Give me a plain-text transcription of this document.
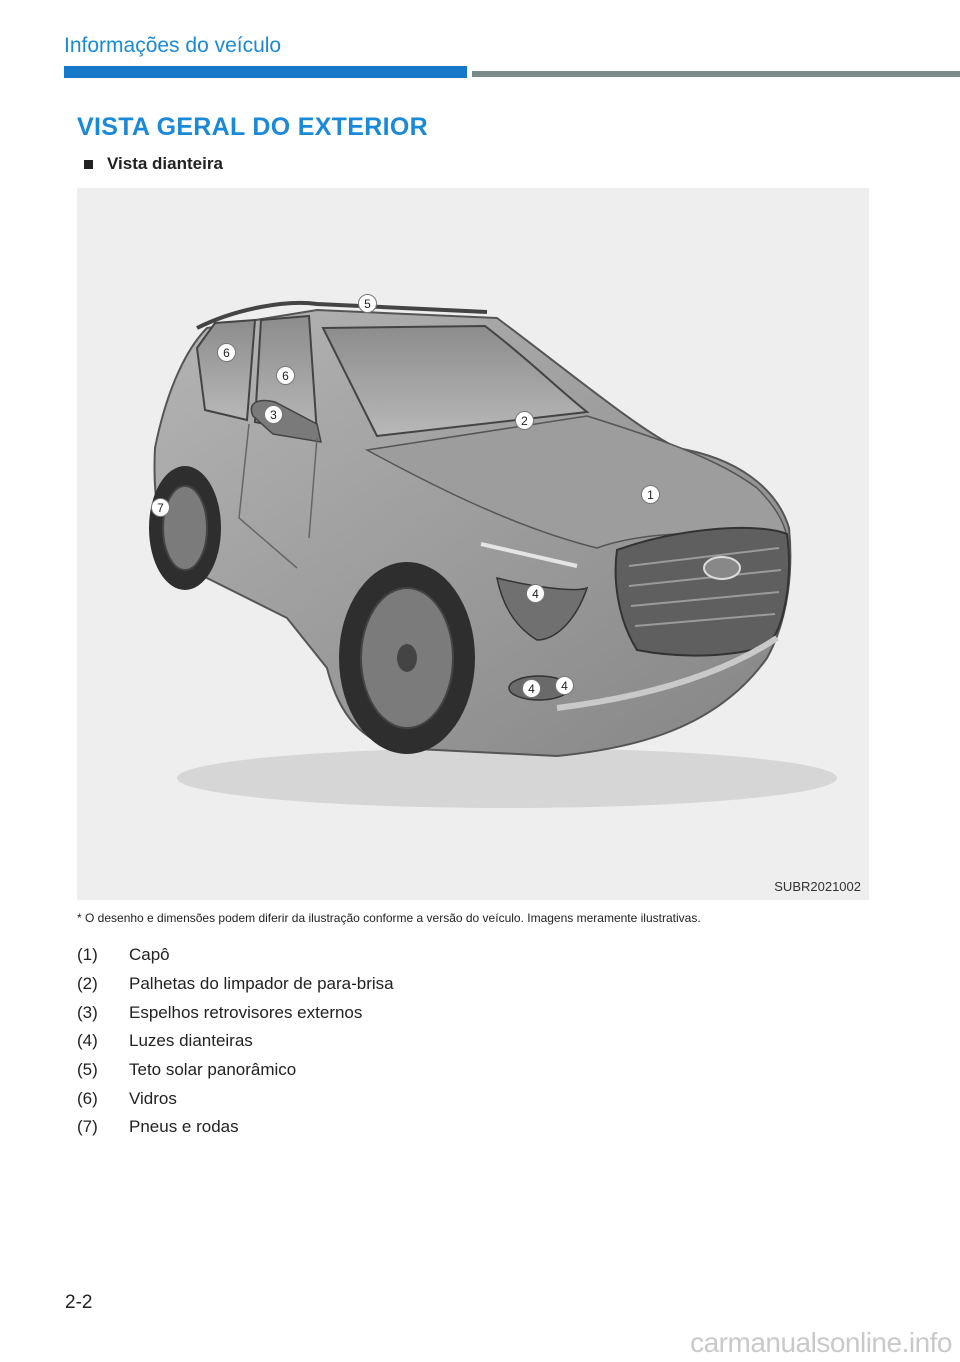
Informações do veículo
VISTA GERAL DO EXTERIOR
Vista dianteira
5
6
6
3	2
1
7
4
4	4
SUBR2021002
* O desenho e dimensões podem diferir da ilustração conforme a versão do veículo. Imagens meramente ilustrativas.
(1)	Capô
(2)	Palhetas do limpador de para-brisa
(3)	Espelhos retrovisores externos
(4)	Luzes dianteiras
(5)	Teto solar panorâmico
(6)	Vidros
(7)	Pneus e rodas
2-2
carmanualsonline.info
